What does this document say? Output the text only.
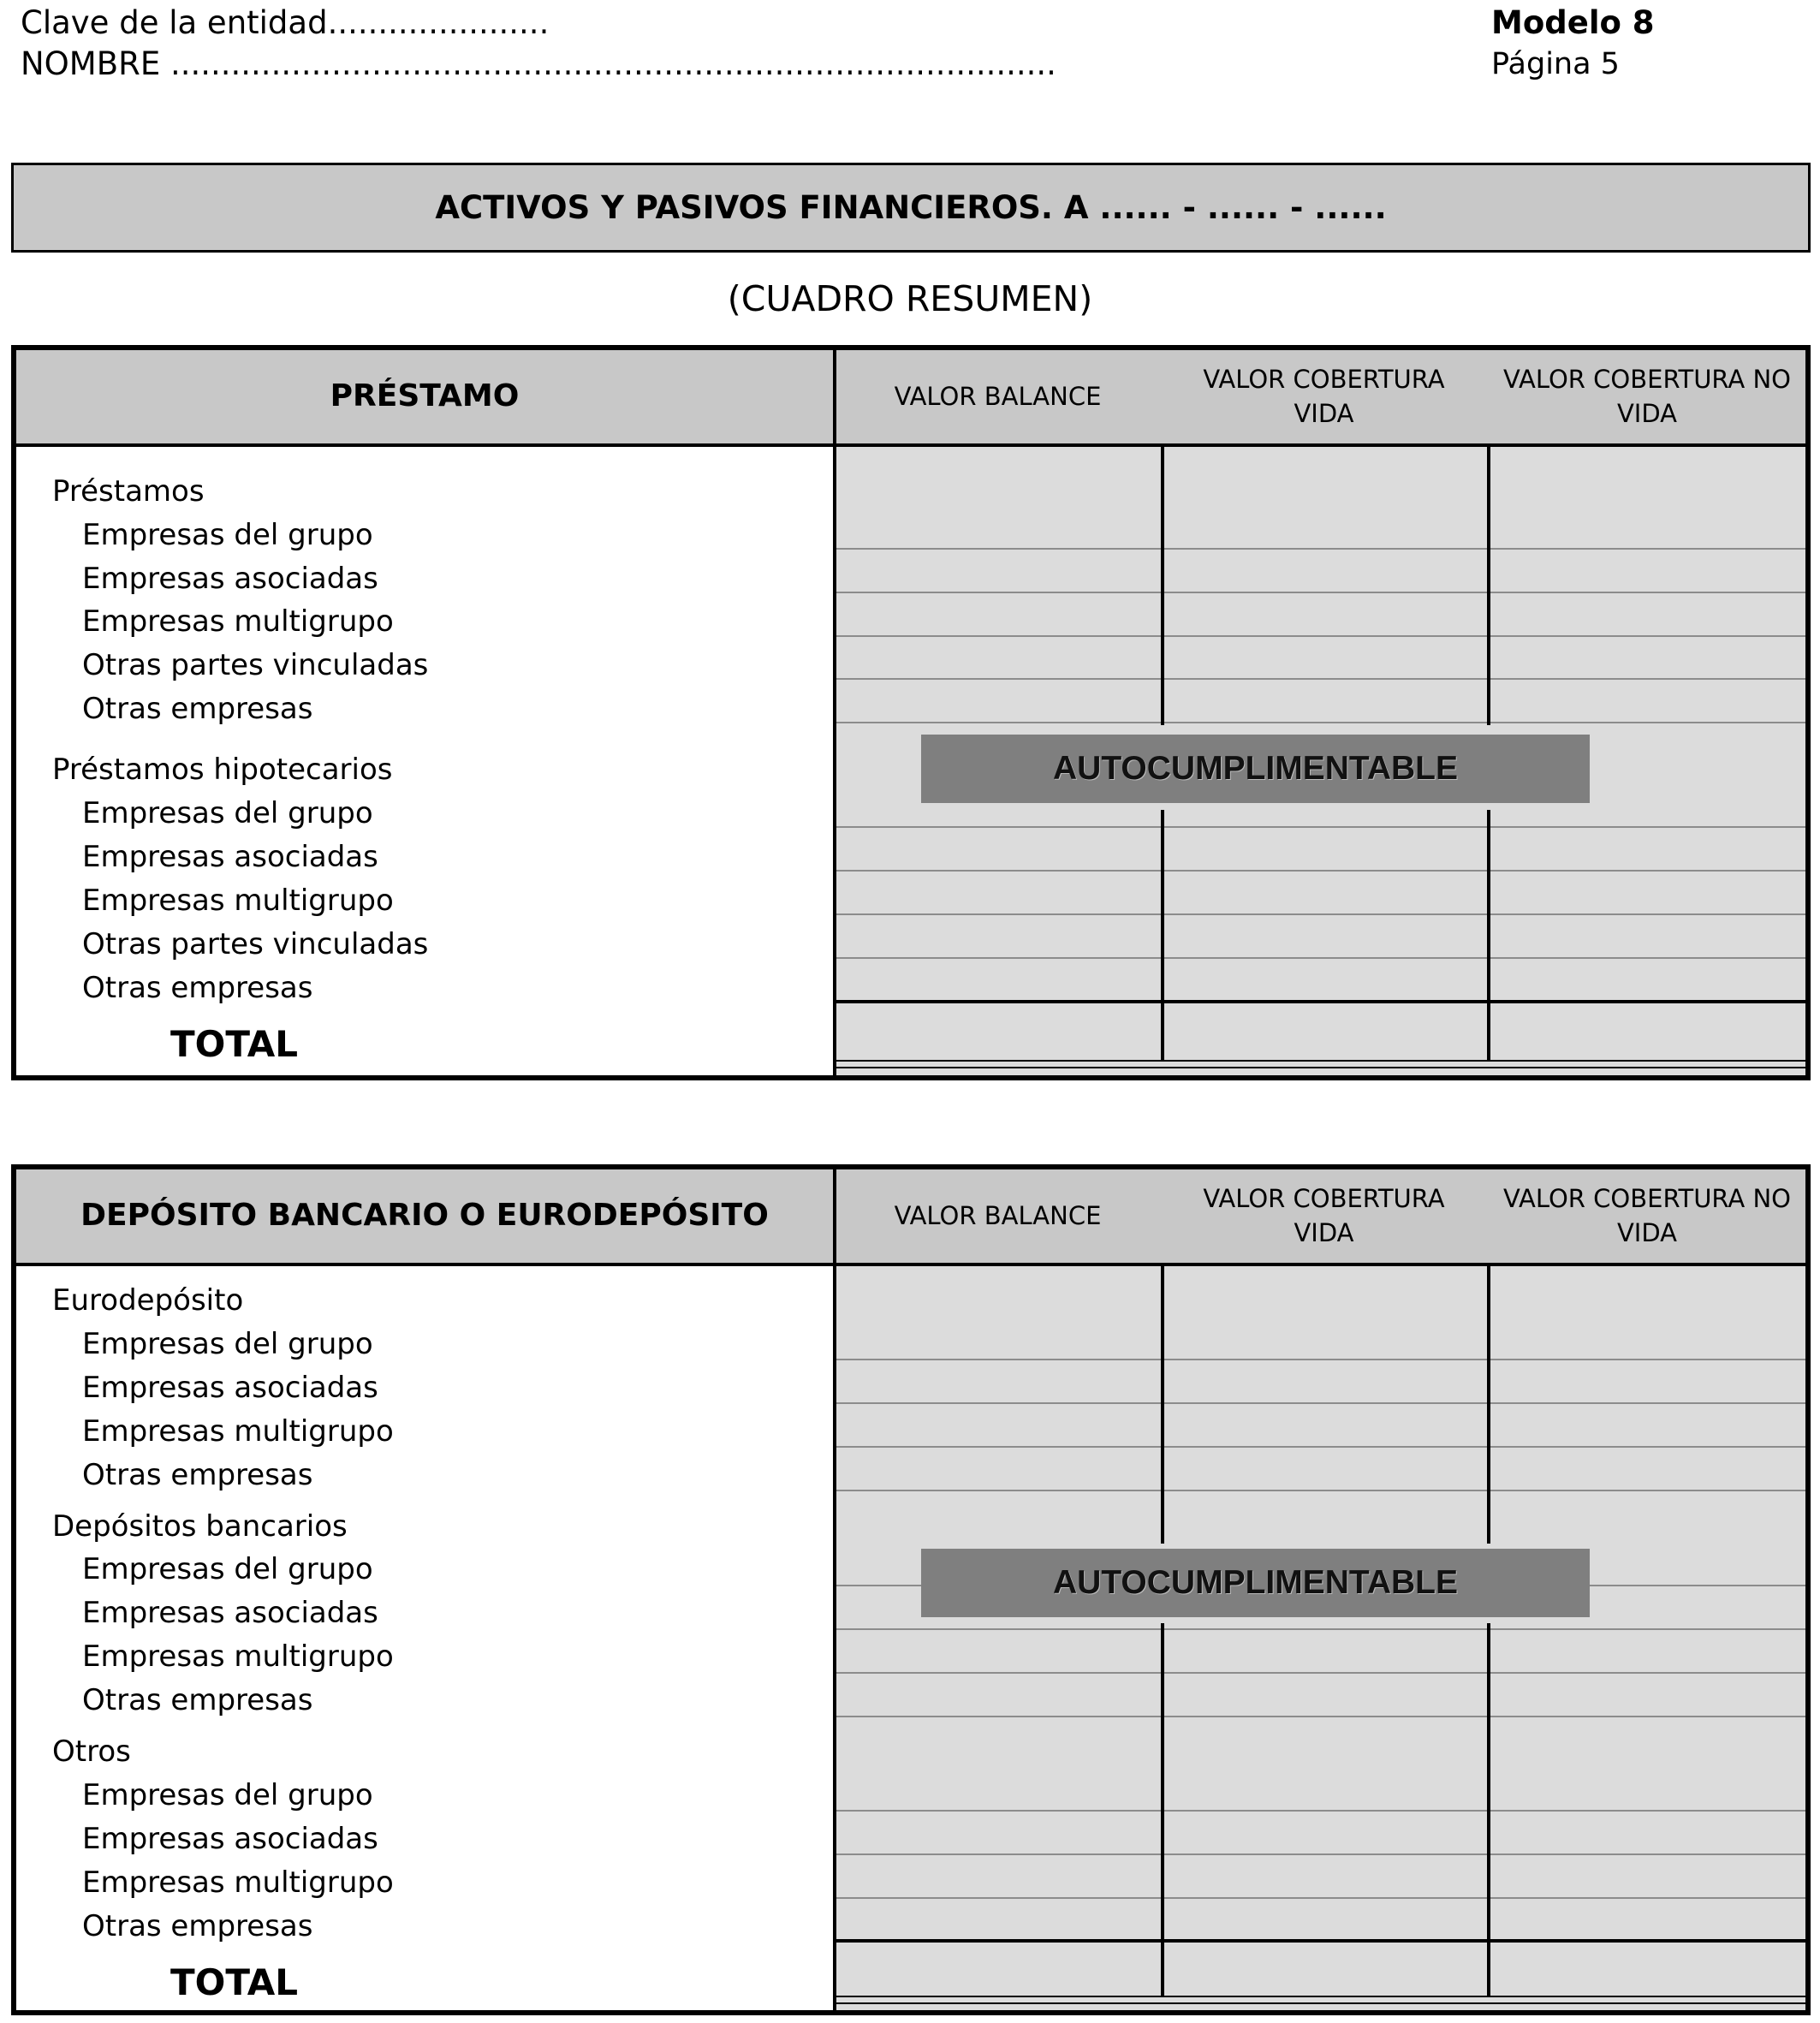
Clave de la entidad......................
NOMBRE ........................................................................................
Modelo 8
Página 5
ACTIVOS Y PASIVOS FINANCIEROS. A ...... - ...... - ......
(CUADRO RESUMEN)
PRÉSTAMO	VALOR BALANCE
VALOR COBERTURA VIDA
VALOR COBERTURA NO VIDA
Préstamos
Empresas del grupo
Empresas asociadas
Empresas multigrupo
Otras partes vinculadas
Otras empresas
Préstamos hipotecarios
Empresas del grupo
Empresas asociadas
Empresas multigrupo
Otras partes vinculadas
Otras empresas
TOTAL
AUTOCUMPLIMENTABLE
DEPÓSITO BANCARIO O EURODEPÓSITO	VALOR BALANCE
VALOR COBERTURA VIDA
VALOR COBERTURA NO VIDA
Eurodepósito
Empresas del grupo
Empresas asociadas
Empresas multigrupo
Otras empresas
Depósitos bancarios
Empresas del grupo
Empresas asociadas
Empresas multigrupo
Otras empresas
Otros
Empresas del grupo
Empresas asociadas
Empresas multigrupo
Otras empresas
TOTAL
AUTOCUMPLIMENTABLE
